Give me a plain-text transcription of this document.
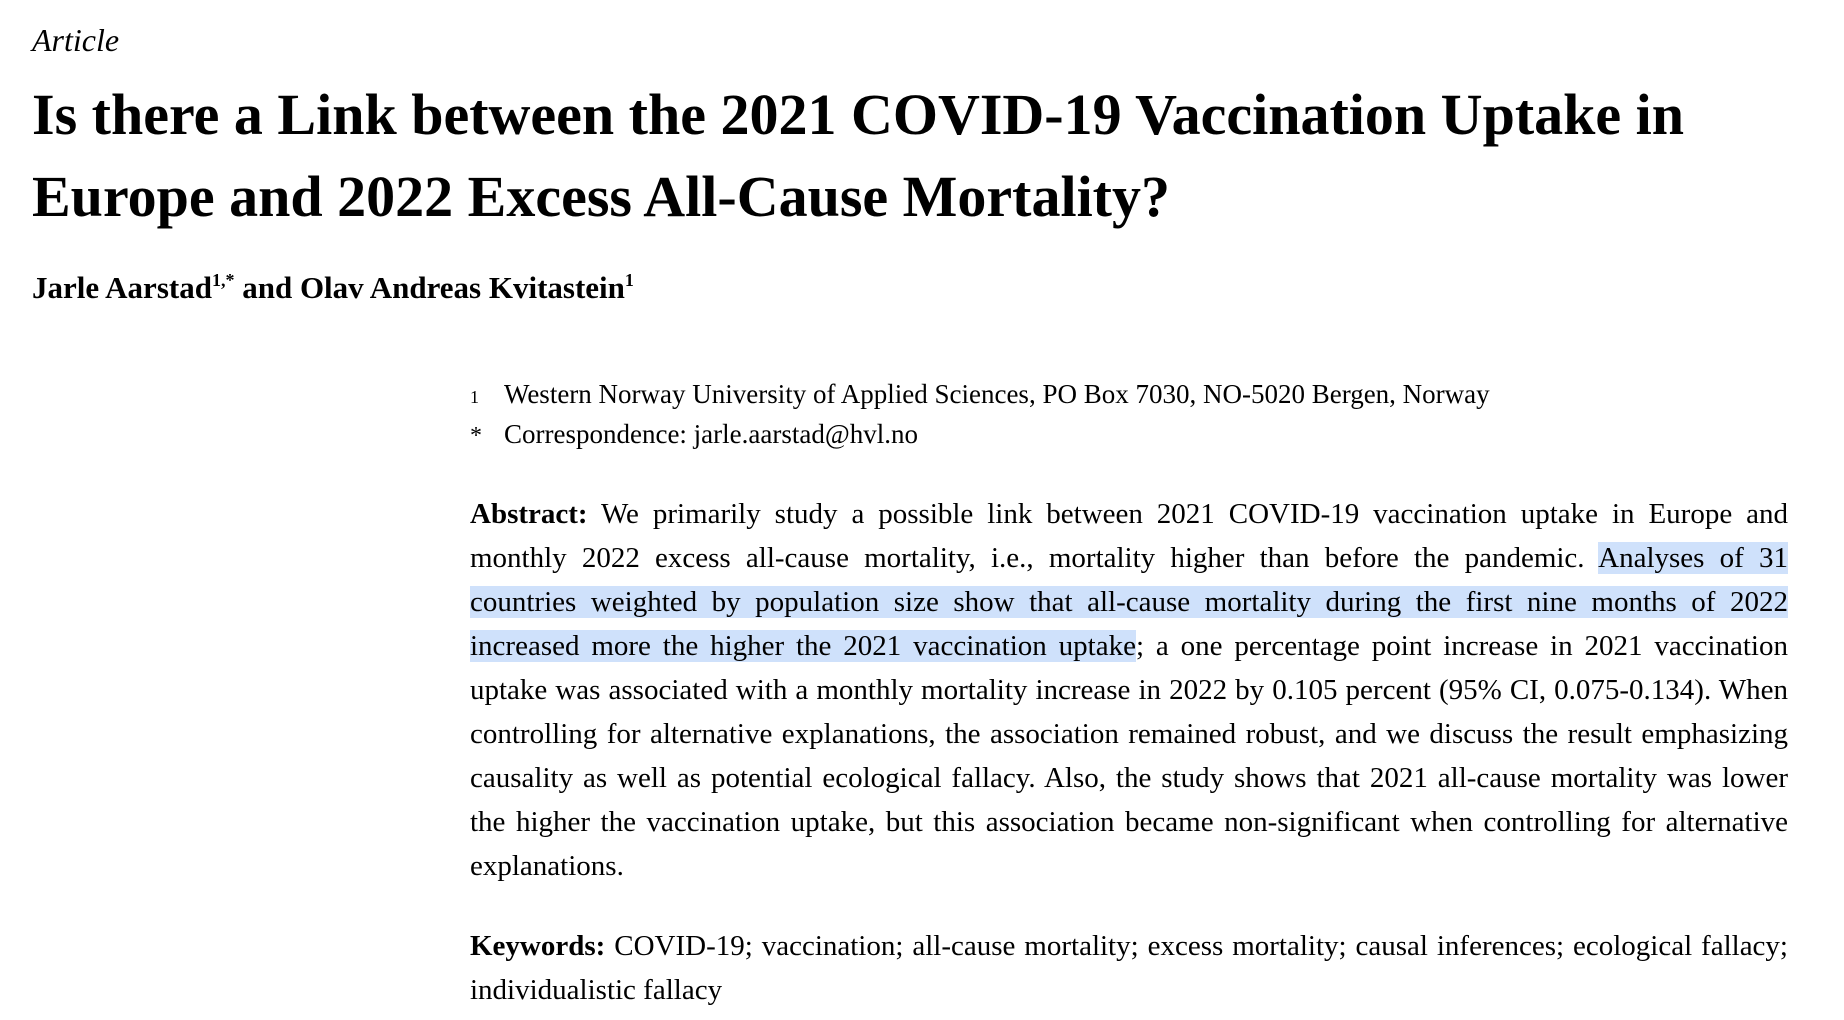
Article
Is there a Link between the 2021 COVID-19 Vaccination Uptake in Europe and 2022 Excess All-Cause Mortality?
Jarle Aarstad$^{1,*}$ and Olav Andreas Kvitastein$^1$
1 Western Norway University of Applied Sciences, PO Box 7030, NO-5020 Bergen, Norway
* Correspondence: jarle.aarstad@hvl.no

Abstract: We primarily study a possible link between 2021 COVID-19 vaccination uptake in Europe and monthly 2022 excess all-cause mortality, i.e., mortality higher than before the pandemic. Analyses of 31 countries weighted by population size show that all-cause mortality during the first nine months of 2022 increased more the higher the 2021 vaccination uptake; a one percentage point increase in 2021 vaccination uptake was associated with a monthly mortality increase in 2022 by 0.105 percent (95% CI, 0.075-0.134). When controlling for alternative explanations, the association remained robust, and we discuss the result emphasizing causality as well as potential ecological fallacy. Also, the study shows that 2021 all-cause mortality was lower the higher the vaccination uptake, but this association became non-significant when controlling for alternative explanations.

Keywords: COVID-19; vaccination; all-cause mortality; excess mortality; causal inferences; ecological fallacy; individualistic fallacy
